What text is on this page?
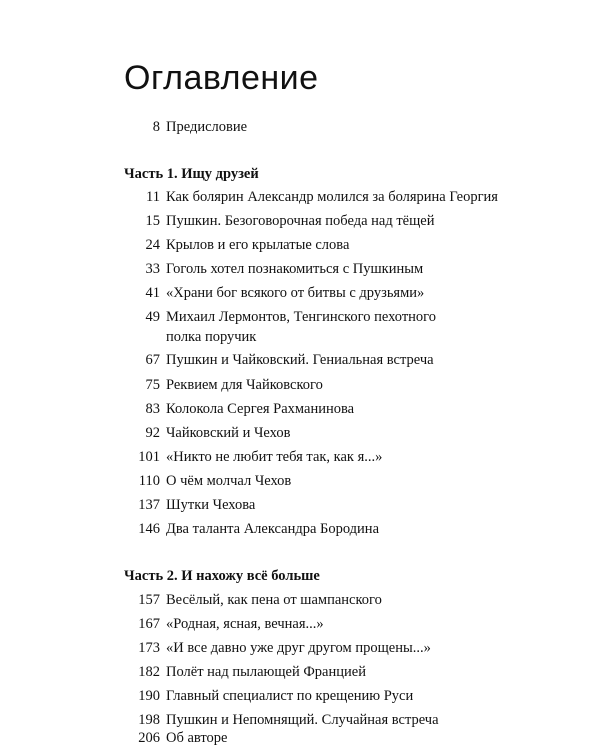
Оглавление
8 Предисловие
Часть 1. Ищу друзей
11 Как болярин Александр молился за болярина Георгия
15 Пушкин. Безоговорочная победа над тёщей
24 Крылов и его крылатые слова
33 Гоголь хотел познакомиться с Пушкиным
41 «Храни бог всякого от битвы с друзьями»
49 Михаил Лермонтов, Тенгинского пехотного полка поручик
67 Пушкин и Чайковский. Гениальная встреча
75 Реквием для Чайковского
83 Колокола Сергея Рахманинова
92 Чайковский и Чехов
101 «Никто не любит тебя так, как я...»
110 О чём молчал Чехов
137 Шутки Чехова
146 Два таланта Александра Бородина
Часть 2. И нахожу всё больше
157 Весёлый, как пена от шампанского
167 «Родная, ясная, вечная...»
173 «И все давно уже друг другом прощены...»
182 Полёт над пылающей Францией
190 Главный специалист по крещению Руси
198 Пушкин и Непомнящий. Случайная встреча
206 Об авторе
